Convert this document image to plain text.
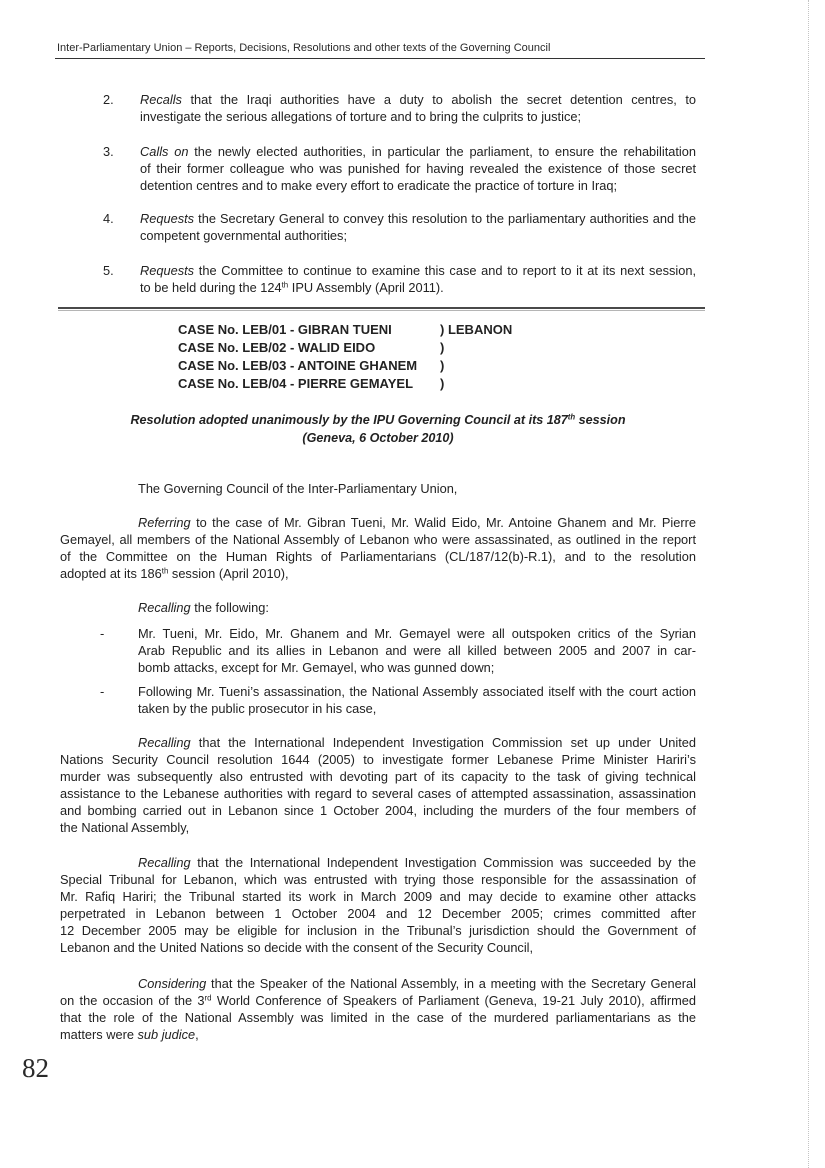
Inter-Parliamentary Union – Reports, Decisions, Resolutions and other texts of the Governing Council
2. Recalls that the Iraqi authorities have a duty to abolish the secret detention centres, to
investigate the serious allegations of torture and to bring the culprits to justice;
3. Calls on the newly elected authorities, in particular the parliament, to ensure the rehabilitation
of their former colleague who was punished for having revealed the existence of those secret
detention centres and to make every effort to eradicate the practice of torture in Iraq;
4. Requests the Secretary General to convey this resolution to the parliamentary authorities and the
competent governmental authorities;
5. Requests the Committee to continue to examine this case and to report to it at its next session,
to be held during the 124th IPU Assembly (April 2011).
CASE No. LEB/01 - GIBRAN TUENI	) LEBANON
CASE No. LEB/02 - WALID EIDO	)
CASE No. LEB/03 - ANTOINE GHANEM )
CASE No. LEB/04 - PIERRE GEMAYEL )
Resolution adopted unanimously by the IPU Governing Council at its 187th session
(Geneva, 6 October 2010)
The Governing Council of the Inter-Parliamentary Union,
Referring to the case of Mr. Gibran Tueni, Mr. Walid Eido, Mr. Antoine Ghanem and Mr. Pierre
Gemayel, all members of the National Assembly of Lebanon who were assassinated, as outlined in the report
of the Committee on the Human Rights of Parliamentarians (CL/187/12(b)-R.1), and to the resolution
adopted at its 186th session (April 2010),
Recalling the following:
-	Mr. Tueni, Mr. Eido, Mr. Ghanem and Mr. Gemayel were all outspoken critics of the Syrian
Arab Republic and its allies in Lebanon and were all killed between 2005 and 2007 in car-
bomb attacks, except for Mr. Gemayel, who was gunned down;
-	Following Mr. Tueni’s assassination, the National Assembly associated itself with the court action
taken by the public prosecutor in his case,
Recalling that the International Independent Investigation Commission set up under United
Nations Security Council resolution 1644 (2005) to investigate former Lebanese Prime Minister Hariri’s
murder was subsequently also entrusted with devoting part of its capacity to the task of giving technical
assistance to the Lebanese authorities with regard to several cases of attempted assassination, assassination
and bombing carried out in Lebanon since 1 October 2004, including the murders of the four members of
the National Assembly,
Recalling that the International Independent Investigation Commission was succeeded by the
Special Tribunal for Lebanon, which was entrusted with trying those responsible for the assassination of
Mr. Rafiq Hariri; the Tribunal started its work in March 2009 and may decide to examine other attacks
perpetrated in Lebanon between 1 October 2004 and 12 December 2005; crimes committed after
12 December 2005 may be eligible for inclusion in the Tribunal’s jurisdiction should the Government of
Lebanon and the United Nations so decide with the consent of the Security Council,
Considering that the Speaker of the National Assembly, in a meeting with the Secretary General
on the occasion of the 3rd World Conference of Speakers of Parliament (Geneva, 19-21 July 2010), affirmed
that the role of the National Assembly was limited in the case of the murdered parliamentarians as the
matters were sub judice,
82
